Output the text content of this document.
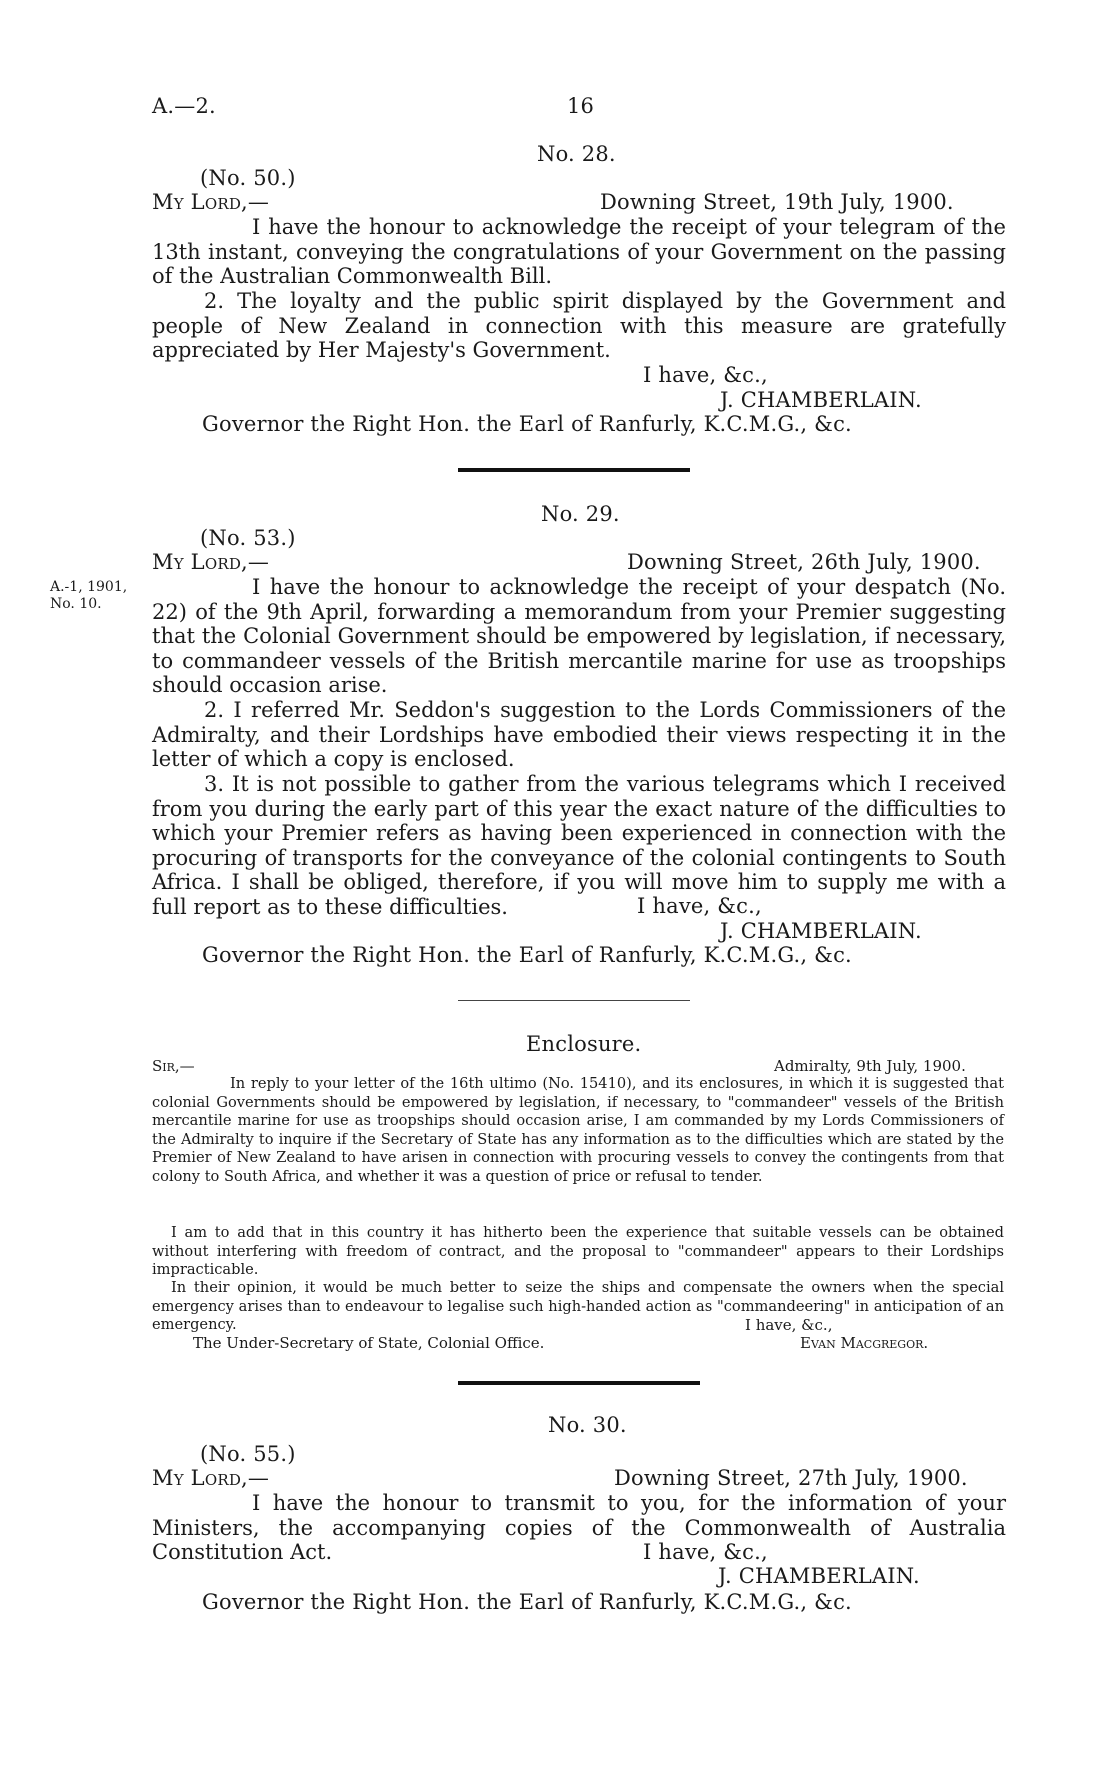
A.—2.	16
No. 28.
(No. 50.)
My Lord,—	Downing Street, 19th July, 1900.
I have the honour to acknowledge the receipt of your telegram of the 13th instant, conveying the congratulations of your Government on the passing of the Australian Commonwealth Bill.
2. The loyalty and the public spirit displayed by the Government and people of New Zealand in connection with this measure are gratefully appreciated by Her Majesty's Government.
I have, &c.,
J. CHAMBERLAIN.
Governor the Right Hon. the Earl of Ranfurly, K.C.M.G., &c.
No. 29.
(No. 53.)
My Lord,—	Downing Street, 26th July, 1900.
A.-1, 1901,
No. 10.
I have the honour to acknowledge the receipt of your despatch (No. 22) of the 9th April, forwarding a memorandum from your Premier suggesting that the Colonial Government should be empowered by legislation, if necessary, to commandeer vessels of the British mercantile marine for use as troopships should occasion arise.
2. I referred Mr. Seddon's suggestion to the Lords Commissioners of the Admiralty, and their Lordships have embodied their views respecting it in the letter of which a copy is enclosed.
3. It is not possible to gather from the various telegrams which I received from you during the early part of this year the exact nature of the difficulties to which your Premier refers as having been experienced in connection with the procuring of transports for the conveyance of the colonial contingents to South Africa. I shall be obliged, therefore, if you will move him to supply me with a full report as to these difficulties.	I have, &c.,
J. CHAMBERLAIN.
Governor the Right Hon. the Earl of Ranfurly, K.C.M.G., &c.
Enclosure.
Sir,—	Admiralty, 9th July, 1900.
In reply to your letter of the 16th ultimo (No. 15410), and its enclosures, in which it is suggested that colonial Governments should be empowered by legislation, if necessary, to "commandeer" vessels of the British mercantile marine for use as troopships should occasion arise, I am commanded by my Lords Commissioners of the Admiralty to inquire if the Secretary of State has any information as to the difficulties which are stated by the Premier of New Zealand to have arisen in connection with procuring vessels to convey the contingents from that colony to South Africa, and whether it was a question of price or refusal to tender.
I am to add that in this country it has hitherto been the experience that suitable vessels can be obtained without interfering with freedom of contract, and the proposal to "commandeer" appears to their Lordships impracticable.
In their opinion, it would be much better to seize the ships and compensate the owners when the special emergency arises than to endeavour to legalise such high-handed action as "commandeering" in anticipation of an emergency.	I have, &c.,
The Under-Secretary of State, Colonial Office.	Evan Macgregor.
No. 30.
(No. 55.)
My Lord,—	Downing Street, 27th July, 1900.
I have the honour to transmit to you, for the information of your Ministers, the accompanying copies of the Commonwealth of Australia Constitution Act.	I have, &c.,
J. CHAMBERLAIN.
Governor the Right Hon. the Earl of Ranfurly, K.C.M.G., &c.
